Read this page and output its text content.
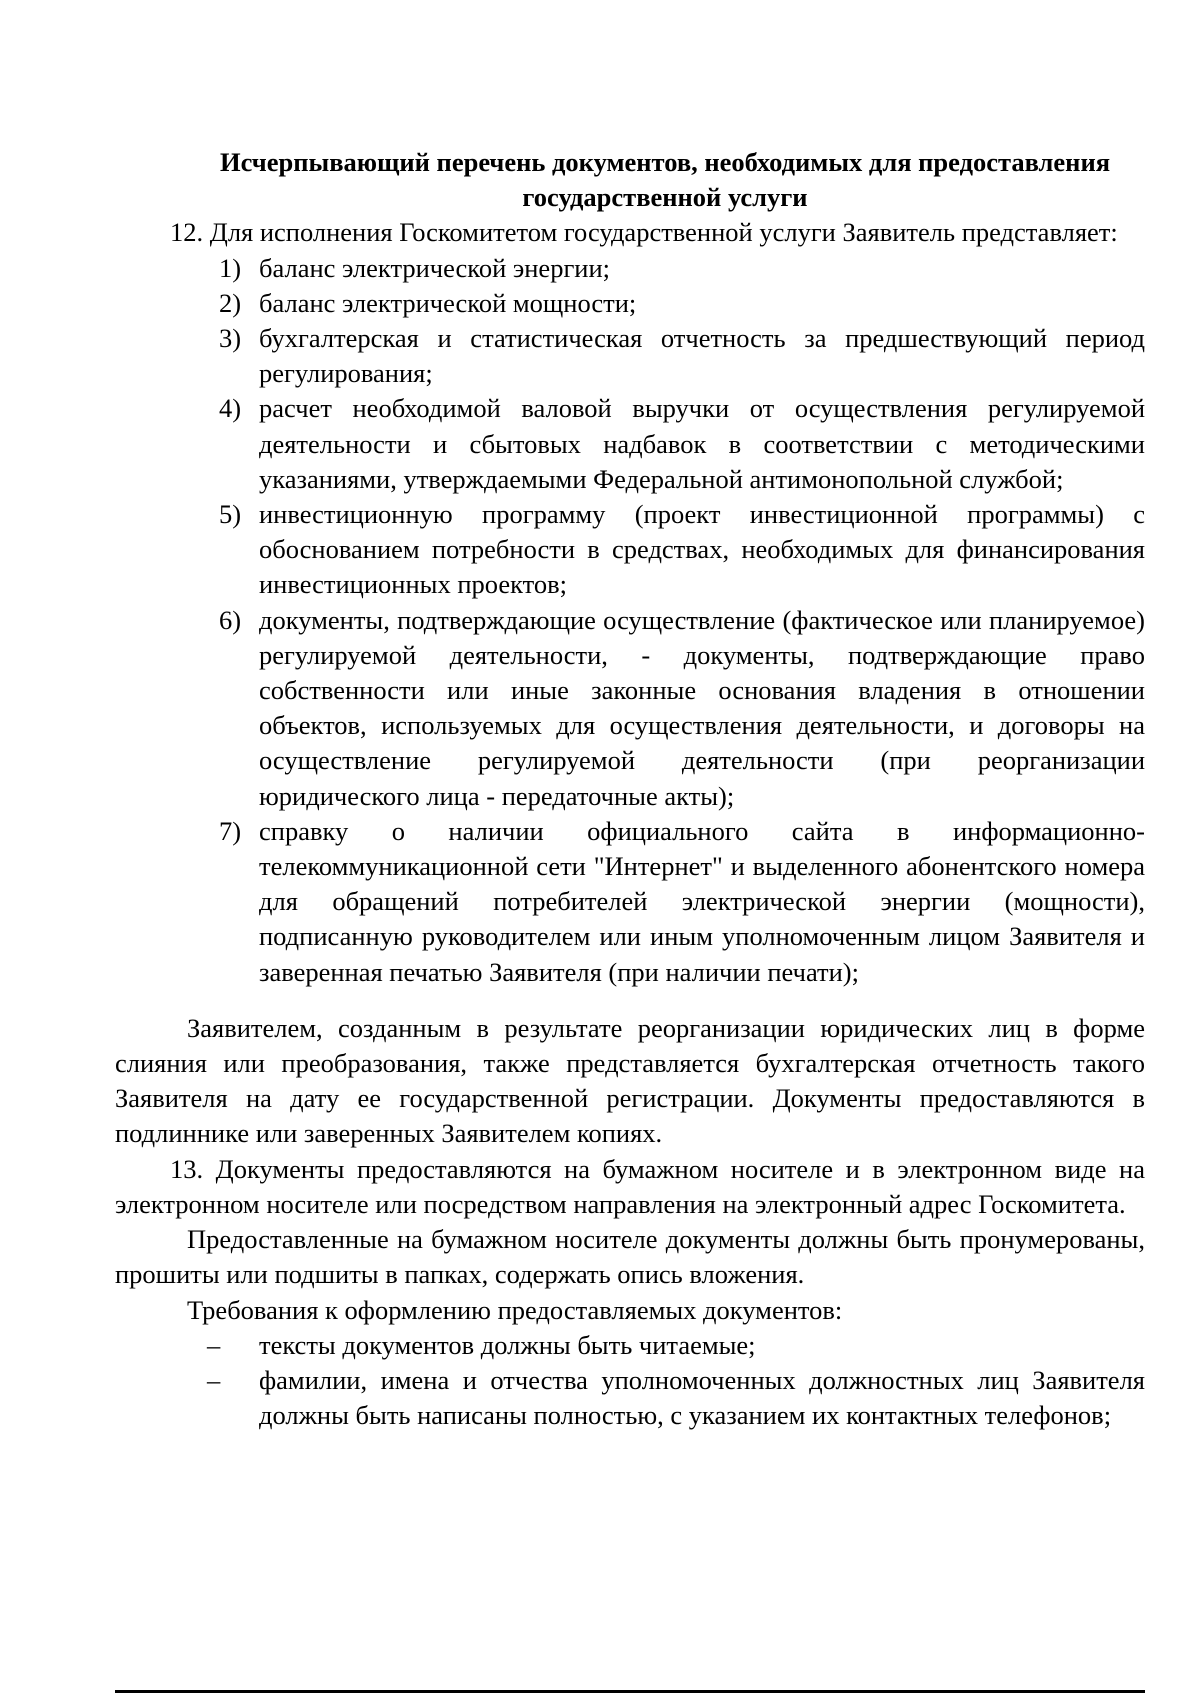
Исчерпывающий перечень документов, необходимых для предоставления
государственной услуги

12. Для исполнения Госкомитетом государственной услуги Заявитель представляет:

1) баланс электрической энергии;
2) баланс электрической мощности;
3) бухгалтерская и статистическая отчетность за предшествующий период регулирования;
4) расчет необходимой валовой выручки от осуществления регулируемой деятельности и сбытовых надбавок в соответствии с методическими указаниями, утверждаемыми Федеральной антимонопольной службой;
5) инвестиционную программу (проект инвестиционной программы) с обоснованием потребности в средствах, необходимых для финансирования инвестиционных проектов;
6) документы, подтверждающие осуществление (фактическое или планируемое) регулируемой деятельности, - документы, подтверждающие право собственности или иные законные основания владения в отношении объектов, используемых для осуществления деятельности, и договоры на осуществление регулируемой деятельности (при реорганизации юридического лица - передаточные акты);
7) справку о наличии официального сайта в информационно-телекоммуникационной сети "Интернет" и выделенного абонентского номера для обращений потребителей электрической энергии (мощности), подписанную руководителем или иным уполномоченным лицом Заявителя и заверенная печатью Заявителя (при наличии печати);

Заявителем, созданным в результате реорганизации юридических лиц в форме слияния или преобразования, также представляется бухгалтерская отчетность такого Заявителя на дату ее государственной регистрации. Документы предоставляются в подлиннике или заверенных Заявителем копиях.

13. Документы предоставляются на бумажном носителе и в электронном виде на электронном носителе или посредством направления на электронный адрес Госкомитета.

Предоставленные на бумажном носителе документы должны быть пронумерованы, прошиты или подшиты в папках, содержать опись вложения.

Требования к оформлению предоставляемых документов:

–	тексты документов должны быть читаемые;
–	фамилии, имена и отчества уполномоченных должностных лиц Заявителя должны быть написаны полностью, с указанием их контактных телефонов;
